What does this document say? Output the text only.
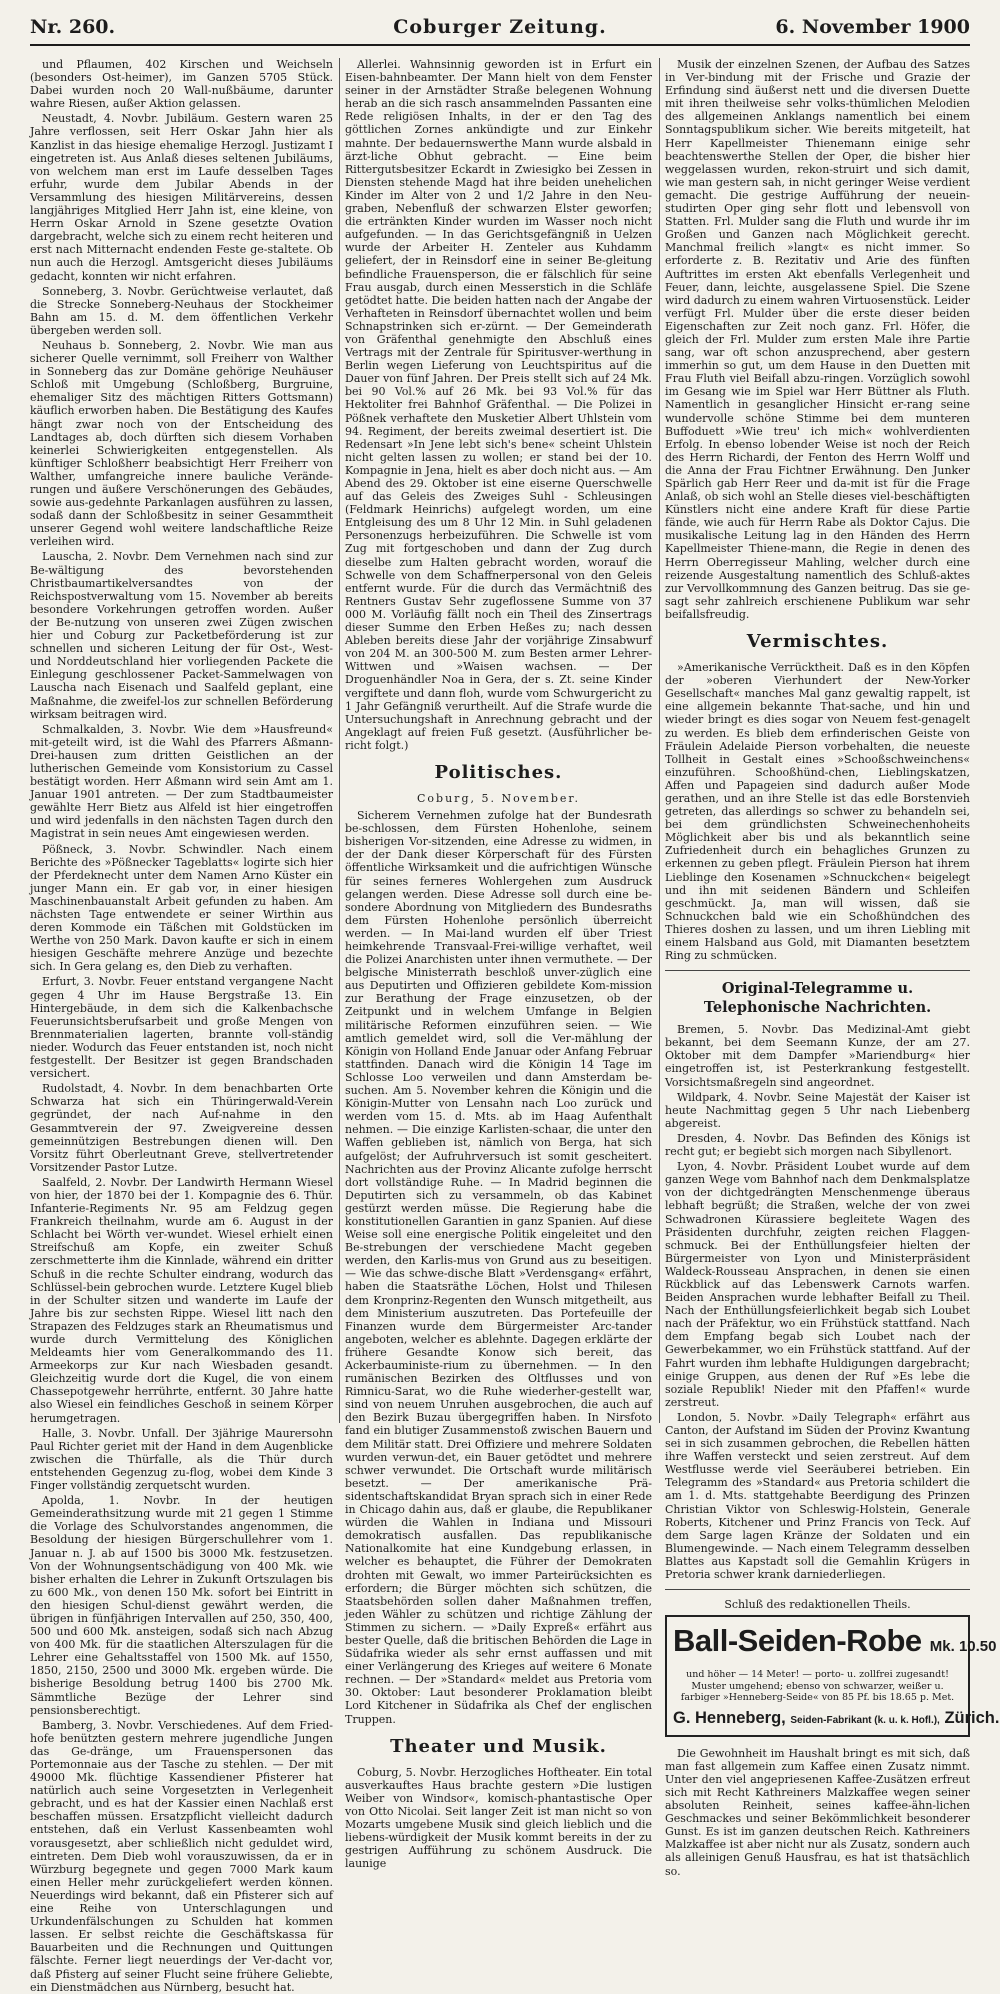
Nr. 260.	Coburger Zeitung.	6. November 1900

und Pflaumen, 402 Kirschen und Weichseln (besonders Ost-heimer), im Ganzen 5705 Stück. Dabei wurden noch 20 Wall-nußbäume, darunter wahre Riesen, außer Aktion gelassen.

Neustadt, 4. Novbr. Jubiläum. Gestern waren 25 Jahre verflossen, seit Herr Oskar Jahn hier als Kanzlist in das hiesige ehemalige Herzogl. Justizamt I eingetreten ist. Aus Anlaß dieses seltenen Jubiläums, von welchem man erst im Laufe desselben Tages erfuhr, wurde dem Jubilar Abends in der Versammlung des hiesigen Militärvereins, dessen langjähriges Mitglied Herr Jahn ist, eine kleine, von Herrn Oskar Arnold in Szene gesetzte Ovation dargebracht, welche sich zu einem recht heiteren und erst nach Mitternacht endenden Feste ge-staltete. Ob nun auch die Herzogl. Amtsgericht dieses Jubiläums gedacht, konnten wir nicht erfahren.

Sonneberg, 3. Novbr. Gerüchtweise verlautet, daß die Strecke Sonneberg-Neuhaus der Stockheimer Bahn am 15. d. M. dem öffentlichen Verkehr übergeben werden soll.

Neuhaus b. Sonneberg, 2. Novbr. Wie man aus sicherer Quelle vernimmt, soll Freiherr von Walther in Sonneberg das zur Domäne gehörige Neuhäuser Schloß mit Umgebung (Schloßberg, Burgruine, ehemaliger Sitz des mächtigen Ritters Gottsmann) käuflich erworben haben. Die Bestätigung des Kaufes hängt zwar noch von der Entscheidung des Landtages ab, doch dürften sich diesem Vorhaben keinerlei Schwierigkeiten entgegenstellen. Als künftiger Schloßherr beabsichtigt Herr Freiherr von Walther, umfangreiche innere bauliche Verände-rungen und äußere Verschönerungen des Gebäudes, sowie aus-gedehnte Parkanlagen ausführen zu lassen, sodaß dann der Schloßbesitz in seiner Gesammtheit unserer Gegend wohl weitere landschaftliche Reize verleihen wird.

Lauscha, 2. Novbr. Dem Vernehmen nach sind zur Be-wältigung des bevorstehenden Christbaumartikelversandtes von der Reichspostverwaltung vom 15. November ab bereits besondere Vorkehrungen getroffen worden. Außer der Be-nutzung von unseren zwei Zügen zwischen hier und Coburg zur Packetbeförderung ist zur schnellen und sicheren Leitung der für Ost-, West- und Norddeutschland hier vorliegenden Packete die Einlegung geschlossener Packet-Sammelwagen von Lauscha nach Eisenach und Saalfeld geplant, eine Maßnahme, die zweifel-los zur schnellen Beförderung wirksam beitragen wird.

Schmalkalden, 3. Novbr. Wie dem »Hausfreund« mit-geteilt wird, ist die Wahl des Pfarrers Aßmann-Drei-hausen zum dritten Geistlichen an der lutherischen Gemeinde vom Konsistorium zu Cassel bestätigt worden. Herr Aßmann wird sein Amt am 1. Januar 1901 antreten. — Der zum Stadtbaumeister gewählte Herr Bietz aus Alfeld ist hier eingetroffen und wird jedenfalls in den nächsten Tagen durch den Magistrat in sein neues Amt eingewiesen werden.

Pößneck, 3. Novbr. Schwindler. Nach einem Berichte des »Pößnecker Tageblatts« logirte sich hier der Pferdeknecht unter dem Namen Arno Küster ein junger Mann ein. Er gab vor, in einer hiesigen Maschinenbauanstalt Arbeit gefunden zu haben. Am nächsten Tage entwendete er seiner Wirthin aus deren Kommode ein Täßchen mit Goldstücken im Werthe von 250 Mark. Davon kaufte er sich in einem hiesigen Geschäfte mehrere Anzüge und bezechte sich. In Gera gelang es, den Dieb zu verhaften.

Erfurt, 3. Novbr. Feuer entstand vergangene Nacht gegen 4 Uhr im Hause Bergstraße 13. Ein Hintergebäude, in dem sich die Kalkenbachsche Feuerunsichtsberufsarbeit und große Mengen von Brennmaterialien lagerten, brannte voll-ständig nieder. Wodurch das Feuer entstanden ist, noch nicht festgestellt. Der Besitzer ist gegen Brandschaden versichert.

Rudolstadt, 4. Novbr. In dem benachbarten Orte Schwarza hat sich ein Thüringerwald-Verein gegründet, der nach Auf-nahme in den Gesammtverein der 97. Zweigvereine dessen gemeinnützigen Bestrebungen dienen will. Den Vorsitz führt Oberleutnant Greve, stellvertretender Vorsitzender Pastor Lutze.

Saalfeld, 2. Novbr. Der Landwirth Hermann Wiesel von hier, der 1870 bei der 1. Kompagnie des 6. Thür. Infanterie-Regiments Nr. 95 am Feldzug gegen Frankreich theilnahm, wurde am 6. August in der Schlacht bei Wörth ver-wundet. Wiesel erhielt einen Streifschuß am Kopfe, ein zweiter Schuß zerschmetterte ihm die Kinnlade, während ein dritter Schuß in die rechte Schulter eindrang, wodurch das Schlüssel-bein gebrochen wurde. Letztere Kugel blieb in der Schulter sitzen und wanderte im Laufe der Jahre bis zur sechsten Rippe. Wiesel litt nach den Strapazen des Feldzuges stark an Rheumatismus und wurde durch Vermittelung des Königlichen Meldeamts hier vom Generalkommando des 11. Armeekorps zur Kur nach Wiesbaden gesandt. Gleichzeitig wurde dort die Kugel, die von einem Chassepotgewehr herrührte, entfernt. 30 Jahre hatte also Wiesel ein feindliches Geschoß in seinem Körper herumgetragen.

Halle, 3. Novbr. Unfall. Der 3jährige Maurersohn Paul Richter geriet mit der Hand in dem Augenblicke zwischen die Thürfalle, als die Thür durch entstehenden Gegenzug zu-flog, wobei dem Kinde 3 Finger vollständig zerquetscht wurden.

Apolda, 1. Novbr. In der heutigen Gemeinderathsitzung wurde mit 21 gegen 1 Stimme die Vorlage des Schulvorstandes angenommen, die Besoldung der hiesigen Bürgerschullehrer vom 1. Januar n. J. ab auf 1500 bis 3000 Mk. festzusetzen. Von der Wohnungsentschädigung von 400 Mk. wie bisher erhalten die Lehrer in Zukunft Ortszulagen bis zu 600 Mk., von denen 150 Mk. sofort bei Eintritt in den hiesigen Schul-dienst gewährt werden, die übrigen in fünfjährigen Intervallen auf 250, 350, 400, 500 und 600 Mk. ansteigen, sodaß sich nach Abzug von 400 Mk. für die staatlichen Alterszulagen für die Lehrer eine Gehaltsstaffel von 1500 Mk. auf 1550, 1850, 2150, 2500 und 3000 Mk. ergeben würde. Die bisherige Besoldung betrug 1400 bis 2700 Mk. Sämmtliche Bezüge der Lehrer sind pensionsberechtigt.

Bamberg, 3. Novbr. Verschiedenes. Auf dem Fried-hofe benützten gestern mehrere jugendliche Jungen das Ge-dränge, um Frauenspersonen das Portemonnaie aus der Tasche zu stehlen. — Der mit 49000 Mk. flüchtige Kassendiener Pfisterer hat natürlich auch seine Vorgesetzten in Verlegenheit gebracht, und es hat der Kassier einen Nachlaß erst beschaffen müssen. Ersatzpflicht vielleicht dadurch entstehen, daß ein Verlust Kassenbeamten wohl vorausgesetzt, aber schließlich nicht geduldet wird, eintreten. Dem Dieb wohl vorauszuwissen, da er in Würzburg begegnete und gegen 7000 Mark kaum einen Heller mehr zurückgeliefert werden können. Neuerdings wird bekannt, daß ein Pfisterer sich auf eine Reihe von Unterschlagungen und Urkundenfälschungen zu Schulden hat kommen lassen. Er selbst reichte die Geschäftskassa für Bauarbeiten und die Rechnungen und Quittungen fälschte. Ferner liegt neuerdings der Ver-dacht vor, daß Pfisterg auf seiner Flucht seine frühere Geliebte, ein Dienstmädchen aus Nürnberg, besucht hat.

Allerlei. Wahnsinnig geworden ist in Erfurt ein Eisen-bahnbeamter. Der Mann hielt von dem Fenster seiner in der Arnstädter Straße belegenen Wohnung herab an die sich rasch ansammelnden Passanten eine Rede religiösen Inhalts, in der er den Tag des göttlichen Zornes ankündigte und zur Einkehr mahnte. Der bedauernswerthe Mann wurde alsbald in ärzt-liche Obhut gebracht. — Eine beim Rittergutsbesitzer Eckardt in Zwiesigko bei Zessen in Diensten stehende Magd hat ihre beiden unehelichen Kinder im Alter von 2 und 1/2 Jahre in den Neu-graben, Nebenfluß der schwarzen Elster geworfen; die ertränkten Kinder wurden im Wasser noch nicht aufgefunden. — In das Gerichtsgefängniß in Uelzen wurde der Arbeiter H. Zenteler aus Kuhdamm geliefert, der in Reinsdorf eine in seiner Be-gleitung befindliche Frauensperson, die er fälschlich für seine Frau ausgab, durch einen Messerstich in die Schläfe getödtet hatte. Die beiden hatten nach der Angabe der Verhafteten in Reinsdorf übernachtet wollen und beim Schnapstrinken sich er-zürnt. — Der Gemeinderath von Gräfenthal genehmigte den Abschluß eines Vertrags mit der Zentrale für Spiritusver-werthung in Berlin wegen Lieferung von Leuchtspiritus auf die Dauer von fünf Jahren. Der Preis stellt sich auf 24 Mk. bei 90 Vol.% auf 26 Mk. bei 93 Vol.% für das Hektoliter frei Bahnhof Gräfenthal. — Die Polizei in Pößnek verhaftete den Musketier Albert Uhlstein vom 94. Regiment, der bereits zweimal desertiert ist. Die Redensart »In Jene lebt sich's bene« scheint Uhlstein nicht gelten lassen zu wollen; er stand bei der 10. Kompagnie in Jena, hielt es aber doch nicht aus. — Am Abend des 29. Oktober ist eine eiserne Querschwelle auf das Geleis des Zweiges Suhl - Schleusingen (Feldmark Heinrichs) aufgelegt worden, um eine Entgleisung des um 8 Uhr 12 Min. in Suhl geladenen Personenzugs herbeizuführen. Die Schwelle ist vom Zug mit fortgeschoben und dann der Zug durch dieselbe zum Halten gebracht worden, worauf die Schwelle von dem Schaffnerpersonal von den Geleis entfernt wurde. Für die durch das Vermächtniß des Rentners Gustav Sehr zugeflossene Summe von 37 000 M. Vorläufig fällt noch ein Theil des Zinsertrags dieser Summe den Erben Heßes zu; nach dessen Ableben bereits diese Jahr der vorjährige Zinsabwurf von 204 M. an 300-500 M. zum Besten armer Lehrer-Wittwen und »Waisen wachsen. — Der Droguenhändler Noa in Gera, der s. Zt. seine Kinder vergiftete und dann floh, wurde vom Schwurgericht zu 1 Jahr Gefängniß verurtheilt. Auf die Strafe wurde die Untersuchungshaft in Anrechnung gebracht und der Angeklagt auf freien Fuß gesetzt. (Ausführlicher be-richt folgt.)

Politisches.
Coburg, 5. November.

Sicherem Vernehmen zufolge hat der Bundesrath be-schlossen, dem Fürsten Hohenlohe, seinem bisherigen Vor-sitzenden, eine Adresse zu widmen, in der der Dank dieser Körperschaft für des Fürsten öffentliche Wirksamkeit und die aufrichtigen Wünsche für seines ferneres Wohlergehen zum Ausdruck gelangen werden. Diese Adresse soll durch eine be-sondere Abordnung von Mitgliedern des Bundesraths dem Fürsten Hohenlohe persönlich überreicht werden. — In Mai-land wurden elf über Triest heimkehrende Transvaal-Frei-willige verhaftet, weil die Polizei Anarchisten unter ihnen vermuthete. — Der belgische Ministerrath beschloß unver-züglich eine aus Deputirten und Offizieren gebildete Kom-mission zur Berathung der Frage einzusetzen, ob der Zeitpunkt und in welchem Umfange in Belgien militärische Reformen einzuführen seien. — Wie amtlich gemeldet wird, soll die Ver-mählung der Königin von Holland Ende Januar oder Anfang Februar stattfinden. Danach wird die Königin 14 Tage im Schlosse Loo verweilen und dann Amsterdam be-suchen. Am 5. November kehren die Königin und die Königin-Mutter von Lensahn nach Loo zurück und werden vom 15. d. Mts. ab im Haag Aufenthalt nehmen. — Die einzige Karlisten-schaar, die unter den Waffen geblieben ist, nämlich von Berga, hat sich aufgelöst; der Aufruhrversuch ist somit gescheitert. Nachrichten aus der Provinz Alicante zufolge herrscht dort vollständige Ruhe. — In Madrid beginnen die Deputirten sich zu versammeln, ob das Kabinet gestürzt werden müsse. Die Regierung habe die konstitutionellen Garantien in ganz Spanien. Auf diese Weise soll eine energische Politik eingeleitet und den Be-strebungen der verschiedene Macht gegeben werden, den Karlis-mus von Grund aus zu beseitigen. — Wie das schwe-dische Blatt »Verdensgang« erfährt, haben die Staatsräthe Löchen, Holst und Thilesen dem Kronprinz-Regenten den Wunsch mitgetheilt, aus dem Ministerium auszutreten. Das Portefeuille der Finanzen wurde dem Bürgermeister Arc-tander angeboten, welcher es ablehnte. Dagegen erklärte der frühere Gesandte Konow sich bereit, das Ackerbauministe-rium zu übernehmen. — In den rumänischen Bezirken des Oltflusses und von Rimnicu-Sarat, wo die Ruhe wiederher-gestellt war, sind von neuem Unruhen ausgebrochen, die auch auf den Bezirk Buzau übergegriffen haben. In Nirsfoto fand ein blutiger Zusammenstoß zwischen Bauern und dem Militär statt. Drei Offiziere und mehrere Soldaten wurden verwun-det, ein Bauer getödtet und mehrere schwer verwundet. Die Ortschaft wurde militärisch besetzt. — Der amerikanische Prä-sidentschaftskandidat Bryan sprach sich in einer Rede in Chicago dahin aus, daß er glaube, die Republikaner würden die Wahlen in Indiana und Missouri demokratisch ausfallen. Das republikanische Nationalkomite hat eine Kundgebung erlassen, in welcher es behauptet, die Führer der Demokraten drohten mit Gewalt, wo immer Parteirücksichten es erfordern; die Bürger möchten sich schützen, die Staatsbehörden sollen daher Maßnahmen treffen, jeden Wähler zu schützen und richtige Zählung der Stimmen zu sichern. — »Daily Expreß« erfährt aus bester Quelle, daß die britischen Behörden die Lage in Südafrika wieder als sehr ernst auffassen und mit einer Verlängerung des Krieges auf weitere 6 Monate rechnen. — Der »Standard« meldet aus Pretoria vom 30. Oktober: Laut besonderer Proklamation bleibt Lord Kitchener in Südafrika als Chef der englischen Truppen.

Theater und Musik.

Coburg, 5. Novbr. Herzogliches Hoftheater. Ein total ausverkauftes Haus brachte gestern »Die lustigen Weiber von Windsor«, komisch-phantastische Oper von Otto Nicolai. Seit langer Zeit ist man nicht so von Mozarts umgebene Musik sind gleich lieblich und die liebens-würdigkeit der Musik kommt bereits in der zu gestrigen Aufführung zu schönem Ausdruck. Die launige

Musik der einzelnen Szenen, der Aufbau des Satzes in Ver-bindung mit der Frische und Grazie der Erfindung sind äußerst nett und die diversen Duette mit ihren theilweise sehr volks-thümlichen Melodien des allgemeinen Anklangs namentlich bei einem Sonntagspublikum sicher. Wie bereits mitgeteilt, hat Herr Kapellmeister Thienemann einige sehr beachtenswerthe Stellen der Oper, die bisher hier weggelassen wurden, rekon-struirt und sich damit, wie man gestern sah, in nicht geringer Weise verdient gemacht. Die gestrige Aufführung der neuein-studirten Oper ging sehr flott und lebensvoll von Statten. Frl. Mulder sang die Fluth und wurde ihr im Großen und Ganzen nach Möglichkeit gerecht. Manchmal freilich »langt« es nicht immer. So erforderte z. B. Rezitativ und Arie des fünften Auftrittes im ersten Akt ebenfalls Verlegenheit und Feuer, dann, leichte, ausgelassene Spiel. Die Szene wird dadurch zu einem wahren Virtuosenstück. Leider verfügt Frl. Mulder über die erste dieser beiden Eigenschaften zur Zeit noch ganz. Frl. Höfer, die gleich der Frl. Mulder zum ersten Male ihre Partie sang, war oft schon anzusprechend, aber gestern immerhin so gut, um dem Hause in den Duetten mit Frau Fluth viel Beifall abzu-ringen. Vorzüglich sowohl im Gesang wie im Spiel war Herr Büttner als Fluth. Namentlich in gesanglicher Hinsicht er-rang seine wundervolle schöne Stimme bei dem munteren Buffoduett »Wie treu' ich mich« wohlverdienten Erfolg. In ebenso lobender Weise ist noch der Reich des Herrn Richardi, der Fenton des Herrn Wolff und die Anna der Frau Fichtner Erwähnung. Den Junker Spärlich gab Herr Reer und da-mit ist für die Frage Anlaß, ob sich wohl an Stelle dieses viel-beschäftigten Künstlers nicht eine andere Kraft für diese Partie fände, wie auch für Herrn Rabe als Doktor Cajus. Die musikalische Leitung lag in den Händen des Herrn Kapellmeister Thiene-mann, die Regie in denen des Herrn Oberregisseur Mahling, welcher durch eine reizende Ausgestaltung namentlich des Schluß-aktes zur Vervollkommnung des Ganzen beitrug. Das sie ge-sagt sehr zahlreich erschienene Publikum war sehr beifallsfreudig.

Vermischtes.

»Amerikanische Verrücktheit. Daß es in den Köpfen der »oberen Vierhundert der New-Yorker Gesellschaft« manches Mal ganz gewaltig rappelt, ist eine allgemein bekannte That-sache, und hin und wieder bringt es dies sogar von Neuem fest-genagelt zu werden. Es blieb dem erfinderischen Geiste von Fräulein Adelaide Pierson vorbehalten, die neueste Tollheit in Gestalt eines »Schooßschweinchens« einzuführen. Schooßhünd-chen, Lieblingskatzen, Affen und Papageien sind dadurch außer Mode gerathen, und an ihre Stelle ist das edle Borstenvieh getreten, das allerdings so schwer zu behandeln sei, bei dem gründlichsten Schweinechenhoheits Möglichkeit aber bis und als bekanntlich seine Zufriedenheit durch ein behagliches Grunzen zu erkennen zu geben pflegt. Fräulein Pierson hat ihrem Lieblinge den Kosenamen »Schnuckchen« beigelegt und ihn mit seidenen Bändern und Schleifen geschmückt. Ja, man will wissen, daß sie Schnuckchen bald wie ein Schoßhündchen des Thieres doshen zu lassen, und um ihren Liebling mit einem Halsband aus Gold, mit Diamanten besetztem Ring zu schmücken.

Original-Telegramme u. Telephonische Nachrichten.

Bremen, 5. Novbr. Das Medizinal-Amt giebt bekannt, bei dem Seemann Kunze, der am 27. Oktober mit dem Dampfer »Mariendburg« hier eingetroffen ist, ist Pesterkrankung festgestellt. Vorsichtsmaßregeln sind angeordnet.

Wildpark, 4. Novbr. Seine Majestät der Kaiser ist heute Nachmittag gegen 5 Uhr nach Liebenberg abgereist.

Dresden, 4. Novbr. Das Befinden des Königs ist recht gut; er begiebt sich morgen nach Sibyllenort.

Lyon, 4. Novbr. Präsident Loubet wurde auf dem ganzen Wege vom Bahnhof nach dem Denkmalsplatze von der dichtgedrängten Menschenmenge überaus lebhaft begrüßt; die Straßen, welche der von zwei Schwadronen Kürassiere begleitete Wagen des Präsidenten durchfuhr, zeigten reichen Flaggen-schmuck. Bei der Enthüllungsfeier hielten der Bürgermeister von Lyon und Ministerpräsident Waldeck-Rousseau Ansprachen, in denen sie einen Rückblick auf das Lebenswerk Carnots warfen. Beiden Ansprachen wurde lebhafter Beifall zu Theil. Nach der Enthüllungsfeierlichkeit begab sich Loubet nach der Präfektur, wo ein Frühstück stattfand. Nach dem Empfang begab sich Loubet nach der Gewerbekammer, wo ein Frühstück stattfand. Auf der Fahrt wurden ihm lebhafte Huldigungen dargebracht; einige Gruppen, aus denen der Ruf »Es lebe die soziale Republik! Nieder mit den Pfaffen!« wurde zerstreut.

London, 5. Novbr. »Daily Telegraph« erfährt aus Canton, der Aufstand im Süden der Provinz Kwantung sei in sich zusammen gebrochen, die Rebellen hätten ihre Waffen versteckt und seien zerstreut. Auf dem Westflusse werde viel Seeräuberei betrieben. Ein Telegramm des »Standard« aus Pretoria schildert die am 1. d. Mts. stattgehabte Beerdigung des Prinzen Christian Viktor von Schleswig-Holstein, Generale Roberts, Kitchener und Prinz Francis von Teck. Auf dem Sarge lagen Kränze der Soldaten und ein Blumengewinde. — Nach einem Telegramm desselben Blattes aus Kapstadt soll die Gemahlin Krügers in Pretoria schwer krank darniederliegen.

Schluß des redaktionellen Theils.
Ball-Seiden-Robe Mk. 10.50
und höher — 14 Meter! — porto- u. zollfrei zugesandt! Muster umgehend; ebenso von schwarzer, weißer u. farbiger »Henneberg-Seide« von 85 Pf. bis 18.65 p. Met.
G. Henneberg, Seiden-Fabrikant (k. u. k. Hofl.), Zürich.

Die Gewohnheit im Haushalt bringt es mit sich, daß man fast allgemein zum Kaffee einen Zusatz nimmt. Unter den viel angepriesenen Kaffee-Zusätzen erfreut sich mit Recht Kathreiners Malzkaffee wegen seiner absoluten Reinheit, seines kaffee-ähn-lichen Geschmackes und seiner Bekömmlichkeit besonderer Gunst. Es ist im ganzen deutschen Reich. Kathreiners Malzkaffee ist aber nicht nur als Zusatz, sondern auch als alleinigen Genuß Hausfrau, es hat ist thatsächlich so.
